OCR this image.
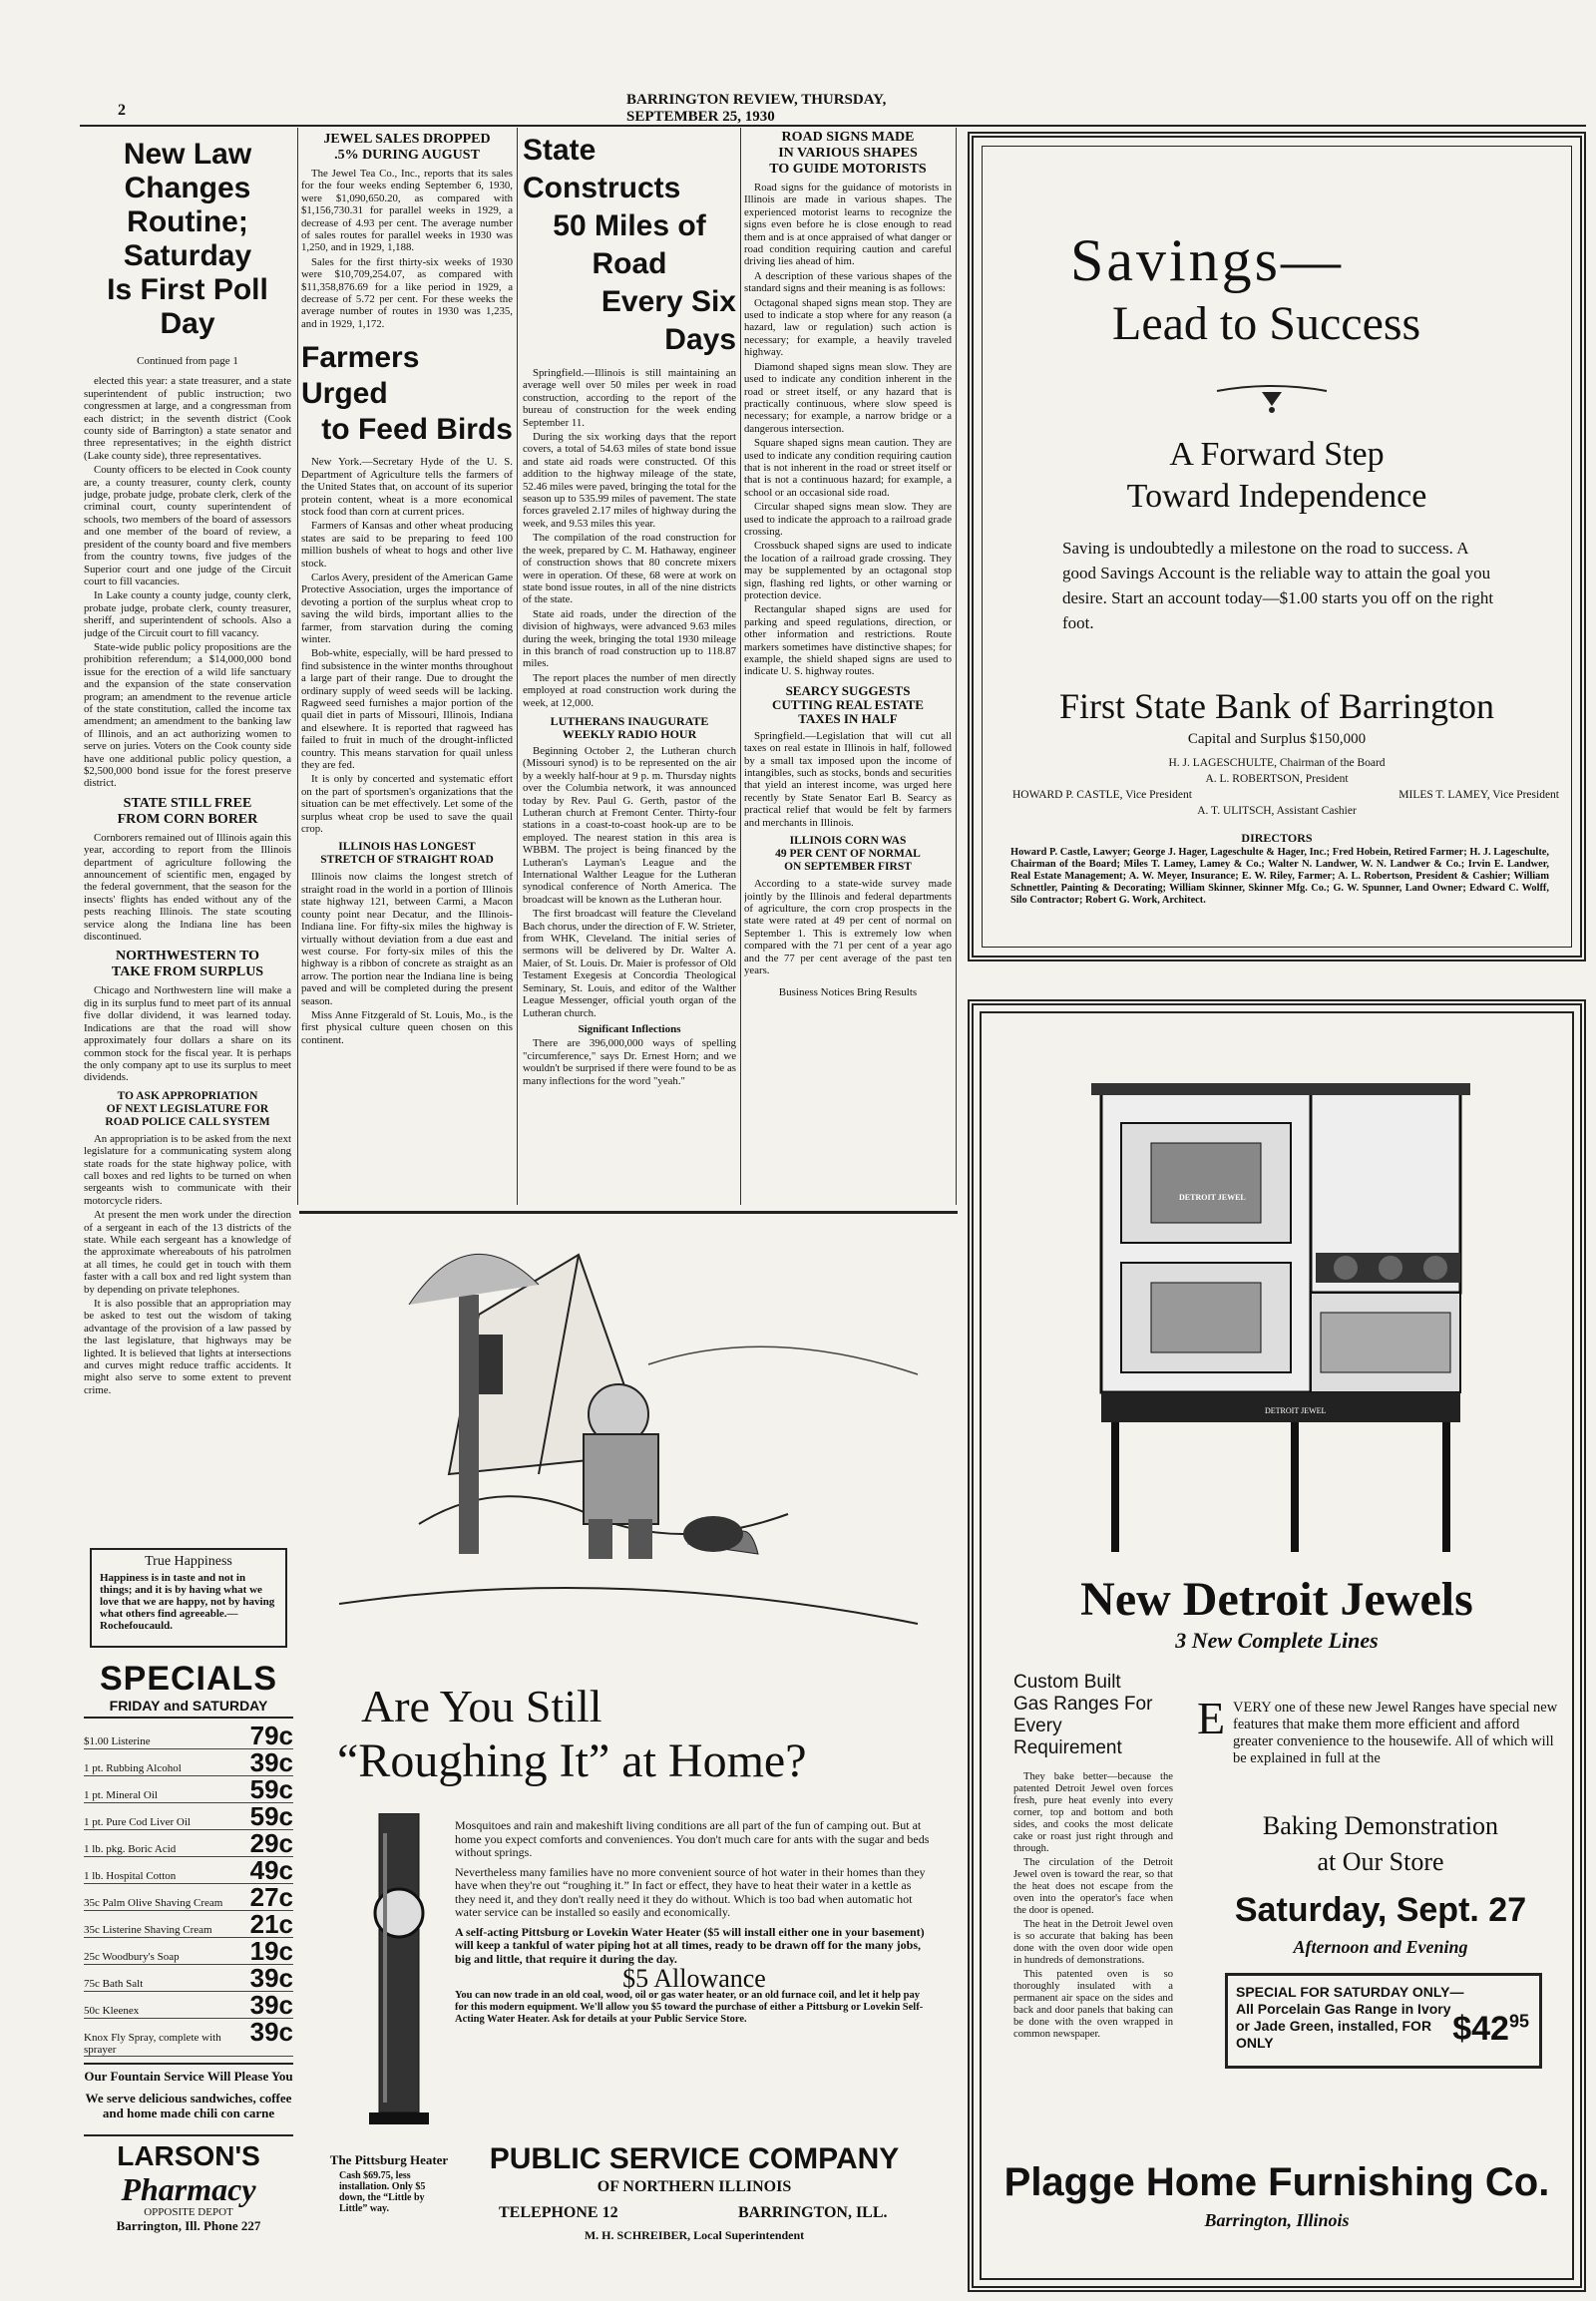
2
BARRINGTON REVIEW, THURSDAY, SEPTEMBER 25, 1930
New Law Changes
Routine; Saturday
Is First Poll Day
Continued from page 1

elected this year: a state treasurer, and a state superintendent of public instruction; two congressmen at large, and a congressman from each district; in the seventh district (Cook county side of Barrington) a state senator and three representatives; in the eighth district (Lake county side), three representatives.

County officers to be elected in Cook county are, a county treasurer, county clerk, county judge, probate judge, probate clerk, clerk of the criminal court, county superintendent of schools, two members of the board of assessors and one member of the board of review, a president of the county board and five members from the country towns, five judges of the Superior court and one judge of the Circuit court to fill vacancies.

In Lake county a county judge, county clerk, probate judge, probate clerk, county treasurer, sheriff, and superintendent of schools. Also a judge of the Circuit court to fill vacancy.

State-wide public policy propositions are the prohibition referendum; a $14,000,000 bond issue for the erection of a wild life sanctuary and the expansion of the state conservation program; an amendment to the revenue article of the state constitution, called the income tax amendment; an amendment to the banking law of Illinois, and an act authorizing women to serve on juries. Voters on the Cook county side have one additional public policy question, a $2,500,000 bond issue for the forest preserve district.

STATE STILL FREE
FROM CORN BORER

Cornborers remained out of Illinois again this year, according to report from the Illinois department of agriculture following the announcement of scientific men, engaged by the federal government, that the season for the insects' flights has ended without any of the pests reaching Illinois. The state scouting service along the Indiana line has been discontinued.

NORTHWESTERN TO
TAKE FROM SURPLUS

Chicago and Northwestern line will make a dig in its surplus fund to meet part of its annual five dollar dividend, it was learned today. Indications are that the road will show approximately four dollars a share on its common stock for the fiscal year. It is perhaps the only company apt to use its surplus to meet dividends.

TO ASK APPROPRIATION
OF NEXT LEGISLATURE FOR
ROAD POLICE CALL SYSTEM

An appropriation is to be asked from the next legislature for a communicating system along state roads for the state highway police, with call boxes and red lights to be turned on when sergeants wish to communicate with their motorcycle riders.

At present the men work under the direction of a sergeant in each of the 13 districts of the state. While each sergeant has a knowledge of the approximate whereabouts of his patrolmen at all times, he could get in touch with them faster with a call box and red light system than by depending on private telephones.

It is also possible that an appropriation may be asked to test out the wisdom of taking advantage of the provision of a law passed by the last legislature, that highways may be lighted. It is believed that lights at intersections and curves might reduce traffic accidents. It might also serve to some extent to prevent crime.

True Happiness
Happiness is in taste and not in things; and it is by having what we love that we are happy, not by having what others find agreeable.—Rochefoucauld.
SPECIALS
FRIDAY and SATURDAY
$1.00 Listerine	79c
1 pt. Rubbing Alcohol	39c
1 pt. Mineral Oil	59c
1 pt. Pure Cod Liver Oil 59c
1 lb. pkg. Boric Acid	29c
1 lb. Hospital Cotton	49c
35c Palm Olive Shaving Cream 27c
35c Listerine Shaving Cream 21c
25c Woodbury's Soap	19c
75c Bath Salt	39c
50c Kleenex	39c
Knox Fly Spray, complete with sprayer
39c
Our Fountain Service Will Please You
We serve delicious sandwiches, coffee and home made chili con carne
LARSON'S
Pharmacy
OPPOSITE DEPOT
Barrington, Ill. Phone 227
JEWEL SALES DROPPED
.5% DURING AUGUST

The Jewel Tea Co., Inc., reports that its sales for the four weeks ending September 6, 1930, were $1,090,650.20, as compared with $1,156,730.31 for parallel weeks in 1929, a decrease of 4.93 per cent. The average number of sales routes for parallel weeks in 1930 was 1,250, and in 1929, 1,188.

Sales for the first thirty-six weeks of 1930 were $10,709,254.07, as compared with $11,358,876.69 for a like period in 1929, a decrease of 5.72 per cent. For these weeks the average number of routes in 1930 was 1,235, and in 1929, 1,172.

Farmers Urged
to Feed Birds

New York.—Secretary Hyde of the U. S. Department of Agriculture tells the farmers of the United States that, on account of its superior protein content, wheat is a more economical stock food than corn at current prices.

Farmers of Kansas and other wheat producing states are said to be preparing to feed 100 million bushels of wheat to hogs and other live stock.

Carlos Avery, president of the American Game Protective Association, urges the importance of devoting a portion of the surplus wheat crop to saving the wild birds, important allies to the farmer, from starvation during the coming winter.

Bob-white, especially, will be hard pressed to find subsistence in the winter months throughout a large part of their range. Due to drought the ordinary supply of weed seeds will be lacking. Ragweed seed furnishes a major portion of the quail diet in parts of Missouri, Illinois, Indiana and elsewhere. It is reported that ragweed has failed to fruit in much of the drought-inflicted country. This means starvation for quail unless they are fed.

It is only by concerted and systematic effort on the part of sportsmen's organizations that the situation can be met effectively. Let some of the surplus wheat crop be used to save the quail crop.

ILLINOIS HAS LONGEST
STRETCH OF STRAIGHT ROAD

Illinois now claims the longest stretch of straight road in the world in a portion of Illinois state highway 121, between Carmi, a Macon county point near Decatur, and the Illinois-Indiana line. For fifty-six miles the highway is virtually without deviation from a due east and west course. For forty-six miles of this the highway is a ribbon of concrete as straight as an arrow. The portion near the Indiana line is being paved and will be completed during the present season.

Miss Anne Fitzgerald of St. Louis, Mo., is the first physical culture queen chosen on this continent.

State Constructs
50 Miles of Road
Every Six Days

Springfield.—Illinois is still maintaining an average well over 50 miles per week in road construction, according to the report of the bureau of construction for the week ending September 11.

During the six working days that the report covers, a total of 54.63 miles of state bond issue and state aid roads were constructed. Of this addition to the highway mileage of the state, 52.46 miles were paved, bringing the total for the season up to 535.99 miles of pavement. The state forces graveled 2.17 miles of highway during the week, and 9.53 miles this year.

The compilation of the road construction for the week, prepared by C. M. Hathaway, engineer of construction shows that 80 concrete mixers were in operation. Of these, 68 were at work on state bond issue routes, in all of the nine districts of the state.

State aid roads, under the direction of the division of highways, were advanced 9.63 miles during the week, bringing the total 1930 mileage in this branch of road construction up to 118.87 miles.

The report places the number of men directly employed at road construction work during the week, at 12,000.

LUTHERANS INAUGURATE
WEEKLY RADIO HOUR

Beginning October 2, the Lutheran church (Missouri synod) is to be represented on the air by a weekly half-hour at 9 p. m. Thursday nights over the Columbia network, it was announced today by Rev. Paul G. Gerth, pastor of the Lutheran church at Fremont Center. Thirty-four stations in a coast-to-coast hook-up are to be employed. The nearest station in this area is WBBM. The project is being financed by the Lutheran's Layman's League and the International Walther League for the Lutheran synodical conference of North America. The broadcast will be known as the Lutheran hour.

The first broadcast will feature the Cleveland Bach chorus, under the direction of F. W. Strieter, from WHK, Cleveland. The initial series of sermons will be delivered by Dr. Walter A. Maier, of St. Louis. Dr. Maier is professor of Old Testament Exegesis at Concordia Theological Seminary, St. Louis, and editor of the Walther League Messenger, official youth organ of the Lutheran church.

Significant Inflections

There are 396,000,000 ways of spelling "circumference," says Dr. Ernest Horn; and we wouldn't be surprised if there were found to be as many inflections for the word "yeah."

ROAD SIGNS MADE
IN VARIOUS SHAPES
TO GUIDE MOTORISTS

Road signs for the guidance of motorists in Illinois are made in various shapes. The experienced motorist learns to recognize the signs even before he is close enough to read them and is at once appraised of what danger or road condition requiring caution and careful driving lies ahead of him.

A description of these various shapes of the standard signs and their meaning is as follows:

Octagonal shaped signs mean stop. They are used to indicate a stop where for any reason (a hazard, law or regulation) such action is necessary; for example, a heavily traveled highway.

Diamond shaped signs mean slow. They are used to indicate any condition inherent in the road or street itself, or any hazard that is practically continuous, where slow speed is necessary; for example, a narrow bridge or a dangerous intersection.

Square shaped signs mean caution. They are used to indicate any condition requiring caution that is not inherent in the road or street itself or that is not a continuous hazard; for example, a school or an occasional side road.

Circular shaped signs mean slow. They are used to indicate the approach to a railroad grade crossing.

Crossbuck shaped signs are used to indicate the location of a railroad grade crossing. They may be supplemented by an octagonal stop sign, flashing red lights, or other warning or protection device.

Rectangular shaped signs are used for parking and speed regulations, direction, or other information and restrictions. Route markers sometimes have distinctive shapes; for example, the shield shaped signs are used to indicate U. S. highway routes.

SEARCY SUGGESTS
CUTTING REAL ESTATE
TAXES IN HALF

Springfield.—Legislation that will cut all taxes on real estate in Illinois in half, followed by a small tax imposed upon the income of intangibles, such as stocks, bonds and securities that yield an interest income, was urged here recently by State Senator Earl B. Searcy as practical relief that would be felt by farmers and merchants in Illinois.

ILLINOIS CORN WAS
49 PER CENT OF NORMAL
ON SEPTEMBER FIRST

According to a state-wide survey made jointly by the Illinois and federal departments of agriculture, the corn crop prospects in the state were rated at 49 per cent of normal on September 1. This is extremely low when compared with the 71 per cent of a year ago and the 77 per cent average of the past ten years.

Business Notices Bring Results
Savings—
Lead to Success
A Forward Step
Toward Independence
Saving is undoubtedly a milestone on the road to success. A good Savings Account is the reliable way to attain the goal you desire. Start an account today—$1.00 starts you off on the right foot.
First State Bank of Barrington
Capital and Surplus $150,000
H. J. LAGESCHULTE, Chairman of the Board
A. L. ROBERTSON, President
HOWARD P. CASTLE, Vice President	MILES T. LAMEY, Vice President
A. T. ULITSCH, Assistant Cashier
DIRECTORS
Howard P. Castle, Lawyer; George J. Hager, Lageschulte & Hager, Inc.; Fred Hobein, Retired Farmer; H. J. Lageschulte, Chairman of the Board; Miles T. Lamey, Lamey & Co.; Walter N. Landwer, W. N. Landwer & Co.; Irvin E. Landwer, Real Estate Management; A. W. Meyer, Insurance; E. W. Riley, Farmer; A. L. Robertson, President & Cashier; William Schnettler, Painting & Decorating; William Skinner, Skinner Mfg. Co.; G. W. Spunner, Land Owner; Edward C. Wolff, Silo Contractor; Robert G. Work, Architect.
DETROIT JEWEL
DETROIT JEWEL
New Detroit Jewels
3 New Complete Lines
Custom Built Gas Ranges For Every Requirement

They bake better—because the patented Detroit Jewel oven forces fresh, pure heat evenly into every corner, top and bottom and both sides, and cooks the most delicate cake or roast just right through and through.

The circulation of the Detroit Jewel oven is toward the rear, so that the heat does not escape from the oven into the operator's face when the door is opened.

The heat in the Detroit Jewel oven is so accurate that baking has been done with the oven door wide open in hundreds of demonstrations.

This patented oven is so thoroughly insulated with a permanent air space on the sides and back and door panels that baking can be done with the oven wrapped in common newspaper.

E VERY one of these new Jewel Ranges have special new features that make them more efficient and afford greater convenience to the housewife. All of which will be explained in full at the
Baking Demonstration
at Our Store
Saturday, Sept. 27
Afternoon and Evening
SPECIAL FOR SATURDAY ONLY—All Porcelain Gas Range in Ivory or Jade Green, installed, FOR ONLY	$\$42^{95}$
Plagge Home Furnishing Co.
Barrington, Illinois
Are You Still
“Roughing It” at Home?
The Pittsburg Heater
Cash $69.75, less installation. Only $5 down, the “Little by Little” way.

Mosquitoes and rain and makeshift living conditions are all part of the fun of camping out. But at home you expect comforts and conveniences. You don't much care for ants with the sugar and beds without springs.

Nevertheless many families have no more convenient source of hot water in their homes than they have when they're out “roughing it.” In fact or effect, they have to heat their water in a kettle as they need it, and they don't really need it they do without. Which is too bad when automatic hot water service can be installed so easily and economically.

A self-acting Pittsburg or Lovekin Water Heater ($5 will install either one in your basement) will keep a tankful of water piping hot at all times, ready to be drawn off for the many jobs, big and little, that require it during the day.

$5 Allowance

You can now trade in an old coal, wood, oil or gas water heater, or an old furnace coil, and let it help pay for this modern equipment. We'll allow you $5 toward the purchase of either a Pittsburg or Lovekin Self-Acting Water Heater. Ask for details at your Public Service Store.

PUBLIC SERVICE COMPANY
OF NORTHERN ILLINOIS
TELEPHONE 12	BARRINGTON, ILL.
M. H. SCHREIBER, Local Superintendent
